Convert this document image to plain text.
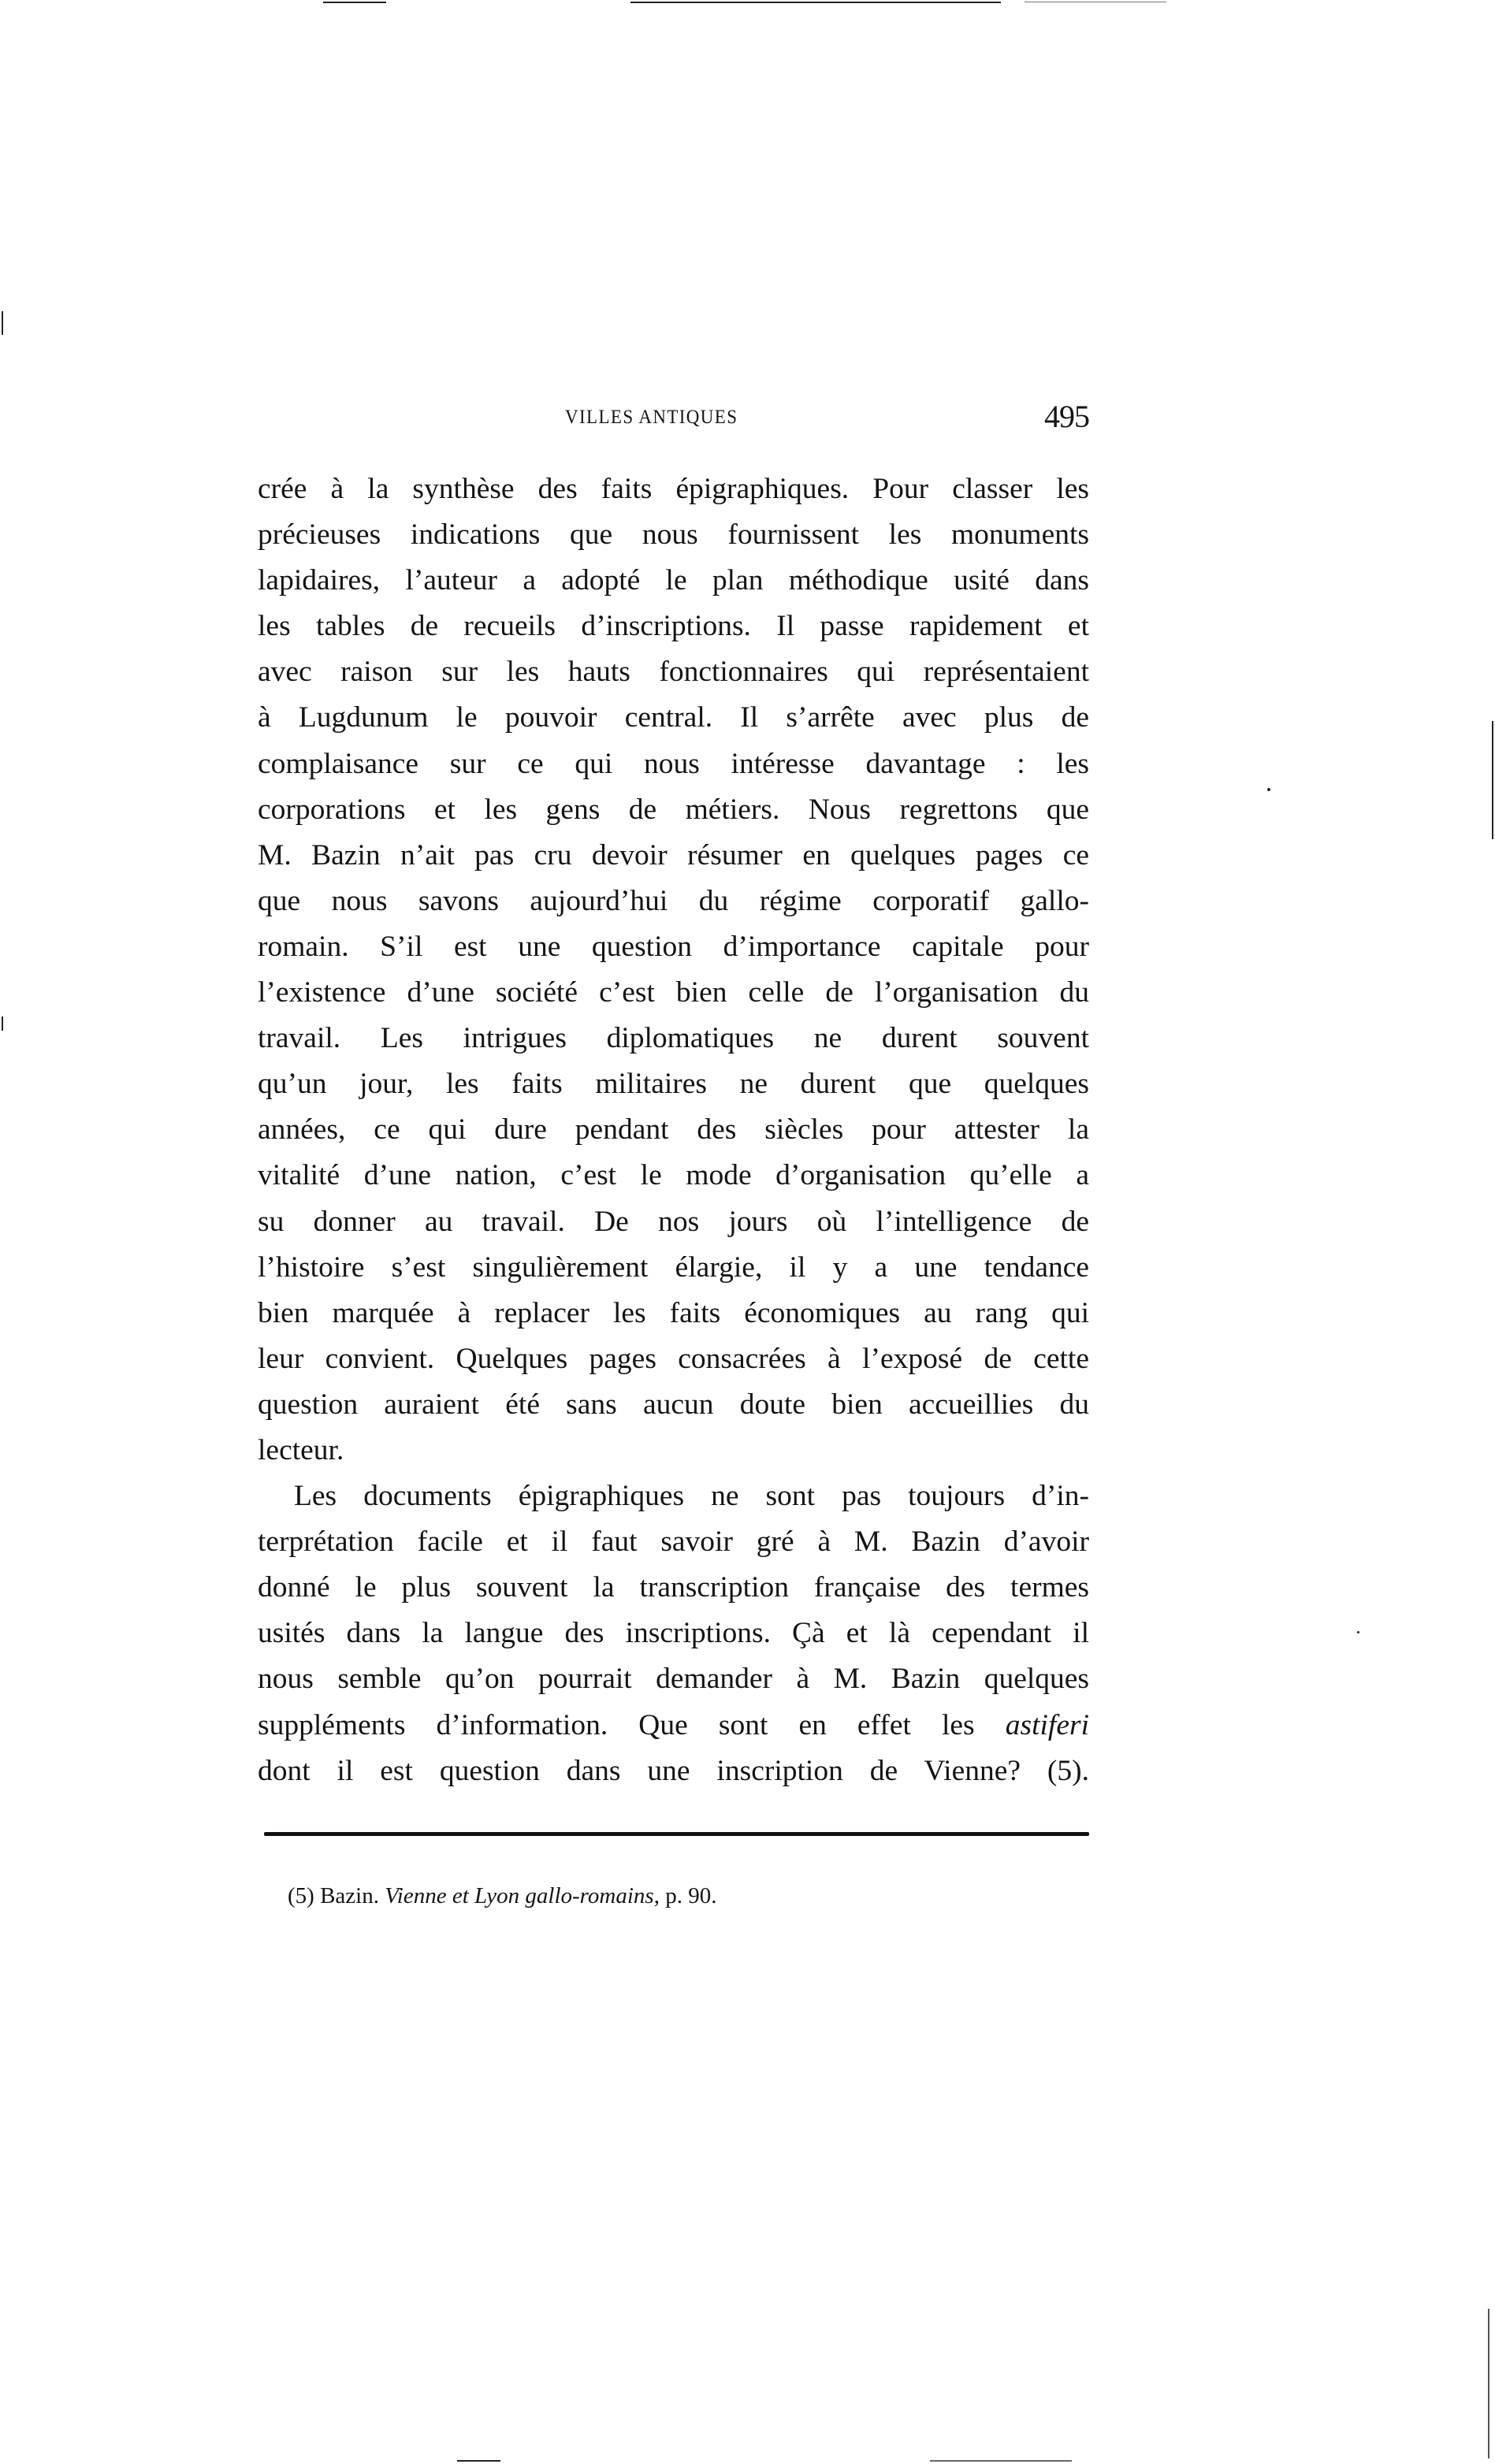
VILLES ANTIQUES	495
crée à la synthèse des faits épigraphiques. Pour classer les
précieuses indications que nous fournissent les monuments
lapidaires, l’auteur a adopté le plan méthodique usité dans
les tables de recueils d’inscriptions. Il passe rapidement et
avec raison sur les hauts fonctionnaires qui représentaient
à Lugdunum le pouvoir central. Il s’arrête avec plus de
complaisance sur ce qui nous intéresse davantage : les
corporations et les gens de métiers. Nous regrettons que
M. Bazin n’ait pas cru devoir résumer en quelques pages ce
que nous savons aujourd’hui du régime corporatif gallo-
romain. S’il est une question d’importance capitale pour
l’existence d’une société c’est bien celle de l’organisation du
travail. Les intrigues diplomatiques ne durent souvent
qu’un jour, les faits militaires ne durent que quelques
années, ce qui dure pendant des siècles pour attester la
vitalité d’une nation, c’est le mode d’organisation qu’elle a
su donner au travail. De nos jours où l’intelligence de
l’histoire s’est singulièrement élargie, il y a une tendance
bien marquée à replacer les faits économiques au rang qui
leur convient. Quelques pages consacrées à l’exposé de cette
question auraient été sans aucun doute bien accueillies du
lecteur.
Les documents épigraphiques ne sont pas toujours d’in-
terprétation facile et il faut savoir gré à M. Bazin d’avoir
donné le plus souvent la transcription française des termes
usités dans la langue des inscriptions. Çà et là cependant il
nous semble qu’on pourrait demander à M. Bazin quelques
suppléments d’information. Que sont en effet les astiferi
dont il est question dans une inscription de Vienne? (5).
(5) Bazin. Vienne et Lyon gallo-romains, p. 90.
